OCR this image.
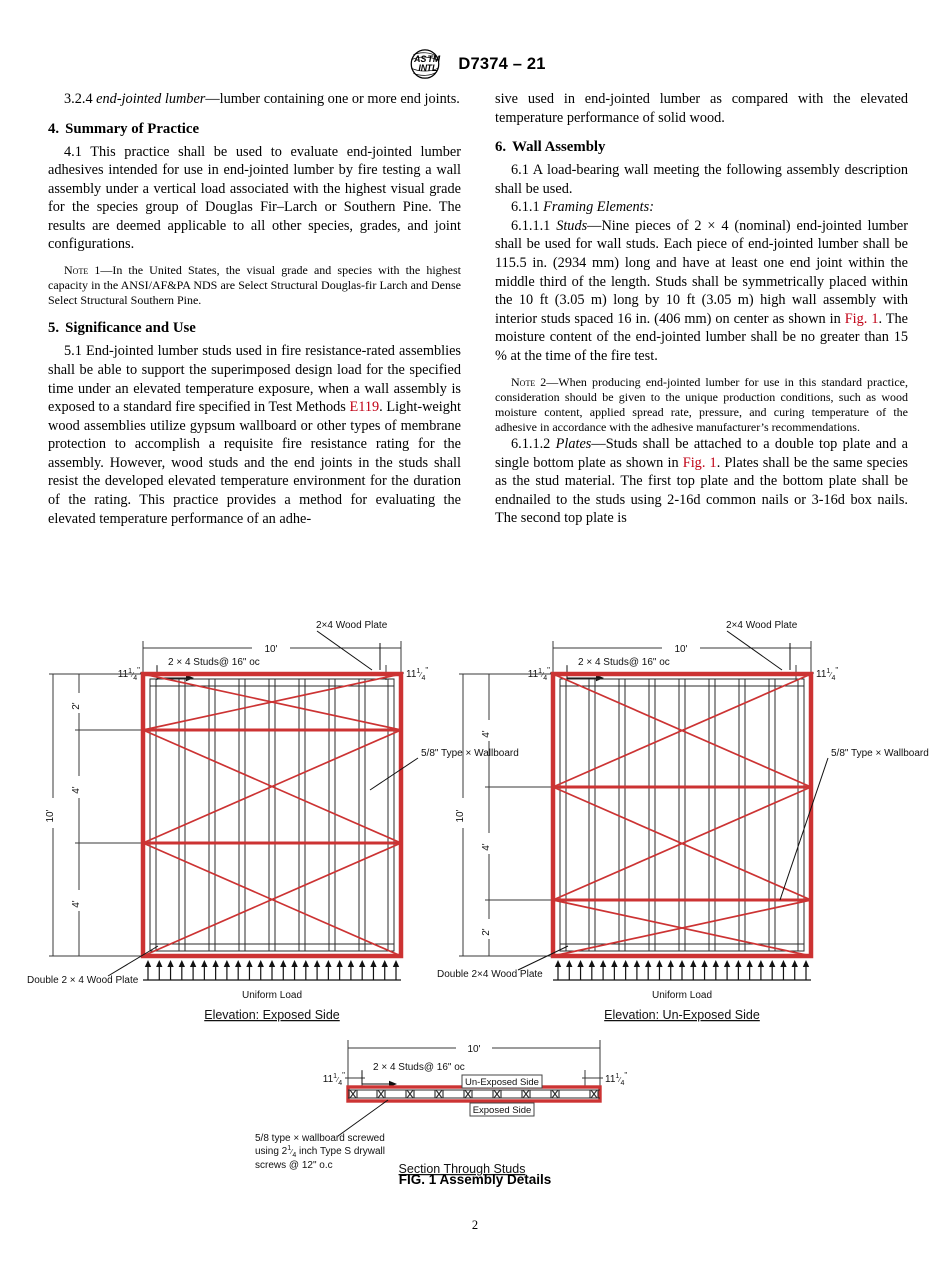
AS TM
IN TL D7374 – 21

3.2.4 end-jointed lumber—lumber containing one or more end joints.

4. Summary of Practice

4.1 This practice shall be used to evaluate end-jointed lumber adhesives intended for use in end-jointed lumber by fire testing a wall assembly under a vertical load associated with the highest visual grade for the species group of Douglas Fir–Larch or Southern Pine. The results are deemed applicable to all other species, grades, and joint configurations.

Note 1—In the United States, the visual grade and species with the highest capacity in the ANSI/AF&PA NDS are Select Structural Douglas-fir Larch and Dense Select Structural Southern Pine.

5. Significance and Use

5.1 End-jointed lumber studs used in fire resistance-rated assemblies shall be able to support the superimposed design load for the specified time under an elevated temperature exposure, when a wall assembly is exposed to a standard fire specified in Test Methods E119. Light-weight wood assemblies utilize gypsum wallboard or other types of membrane protection to accomplish a requisite fire resistance rating for the assembly. However, wood studs and the end joints in the studs shall resist the developed elevated temperature environment for the duration of the rating. This practice provides a method for evaluating the elevated temperature performance of an adhe-

sive used in end-jointed lumber as compared with the elevated temperature performance of solid wood.

6. Wall Assembly

6.1 A load-bearing wall meeting the following assembly description shall be used.

6.1.1 Framing Elements:

6.1.1.1 Studs—Nine pieces of 2 × 4 (nominal) end-jointed lumber shall be used for wall studs. Each piece of end-jointed lumber shall be 115.5 in. (2934 mm) long and have at least one end joint within the middle third of the length. Studs shall be symmetrically placed within the 10 ft (3.05 m) long by 10 ft (3.05 m) high wall assembly with interior studs spaced 16 in. (406 mm) on center as shown in Fig. 1. The moisture content of the end-jointed lumber shall be no greater than 15 % at the time of the fire test.

Note 2—When producing end-jointed lumber for use in this standard practice, consideration should be given to the unique production conditions, such as wood moisture content, applied spread rate, pressure, and curing temperature of the adhesive in accordance with the adhesive manufacturer’s recommendations.

6.1.1.2 Plates—Studs shall be attached to a double top plate and a single bottom plate as shown in Fig. 1. Plates shall be the same species as the stud material. The first top plate and the bottom plate shall be endnailed to the studs using 2-16d common nails or 3-16d box nails. The second top plate is

10'
$11^1_{⁄4}^"$	$11^1_{⁄4}^"$
2 × 4 Studs@ 16" oc
2×4 Wood Plate
10'
2'
4'
4'
5/8" Type × Wallboard
Double 2 × 4 Wood Plate
Uniform Load
Elevation: Exposed Side
10'
$11^1_{⁄4}^"$	$11^1_{⁄4}^"$
2 × 4 Studs@ 16" oc
2×4 Wood Plate
10'
4'
4'
2'
5/8" Type × Wallboard
Double 2×4 Wood Plate
Uniform Load
Elevation: Un-Exposed Side
10'
$11^1_{⁄4}^"$	$11^1_{⁄4}^"$
2 × 4 Studs@ 16" oc
Un-Exposed Side
Exposed Side
5/8 type × wallboard screwed
using $2^1_{⁄4}$ inch Type S drywall
screws @ 12" o.c	Section Through Studs
FIG. 1 Assembly Details
2
